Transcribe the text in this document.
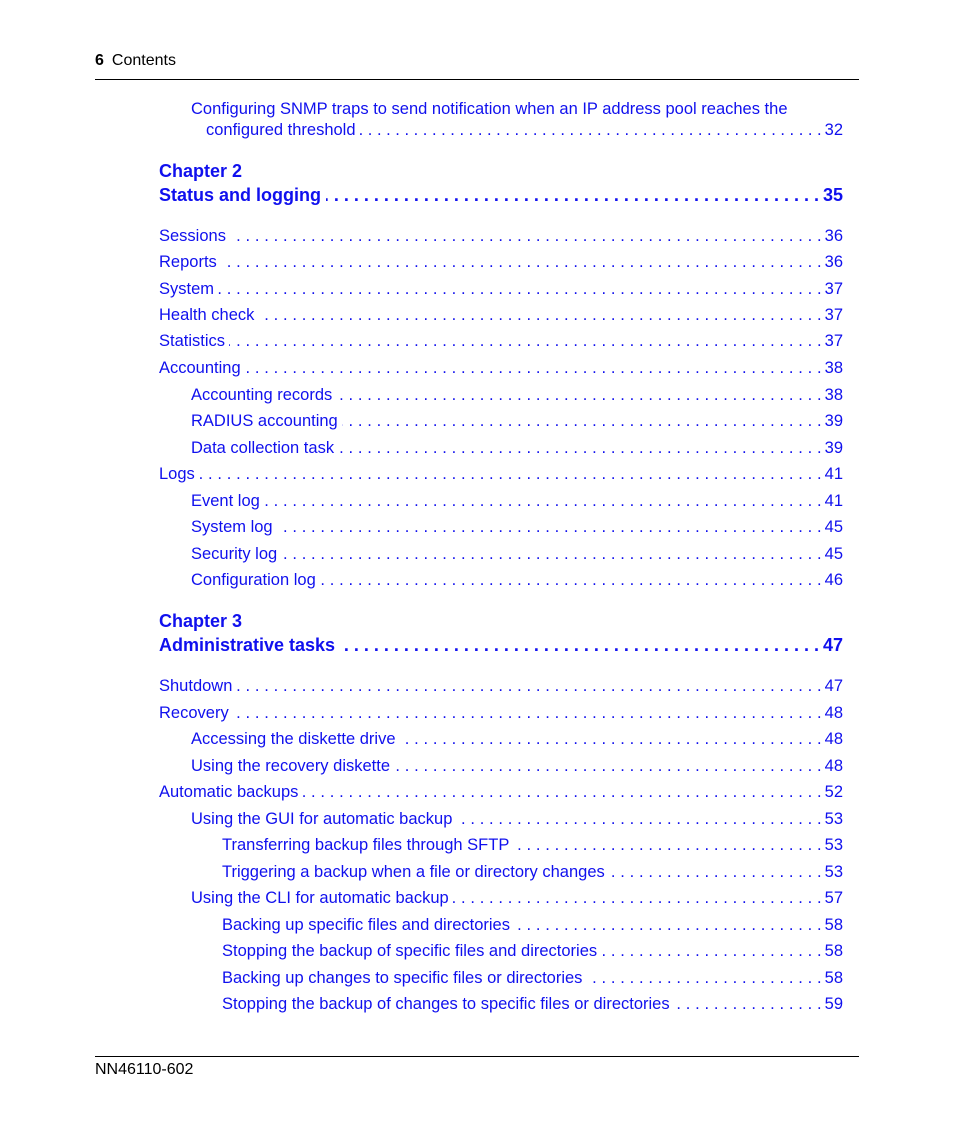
6 Contents
Configuring SNMP traps to send notification when an IP address pool reaches the
configured threshold . . .	32
Chapter 2
Status and logging . . .	35
Sessions . . .	36
Reports . . .	36
System . . .	37
Health check . . .	37
Statistics . . .	37
Accounting . . .	38
Accounting records . . .	38
RADIUS accounting . . .	39
Data collection task . . .	39
Logs . . .	41
Event log . . .	41
System log . . .	45
Security log . . .	45
Configuration log . . .	46
Chapter 3
Administrative tasks . . .	47
Shutdown . . .	47
Recovery . . .	48
Accessing the diskette drive . . .	48
Using the recovery diskette . . .	48
Automatic backups . . .	52
Using the GUI for automatic backup . . .	53
Transferring backup files through SFTP . . .	53
Triggering a backup when a file or directory changes . . .	53
Using the CLI for automatic backup . . .	57
Backing up specific files and directories . . .	58
Stopping the backup of specific files and directories . . .	58
Backing up changes to specific files or directories . . .	58
Stopping the backup of changes to specific files or directories . . .	59
NN46110-602
